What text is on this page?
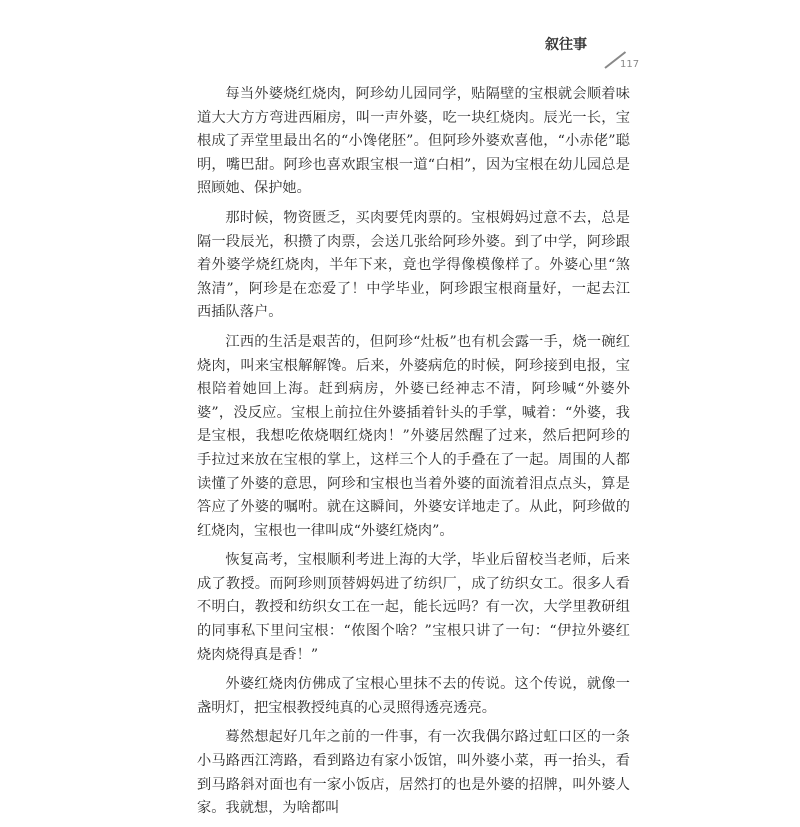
叙往事
117

每当外婆烧红烧肉，阿珍幼儿园同学，贴隔壁的宝根就会顺着味道大大方方弯进西厢房，叫一声外婆，吃一块红烧肉。辰光一长，宝根成了弄堂里最出名的“小馋佬胚”。但阿珍外婆欢喜他，“小赤佬”聪明，嘴巴甜。阿珍也喜欢跟宝根一道“白相”，因为宝根在幼儿园总是照顾她、保护她。

那时候，物资匮乏，买肉要凭肉票的。宝根姆妈过意不去，总是隔一段辰光，积攒了肉票，会送几张给阿珍外婆。到了中学，阿珍跟着外婆学烧红烧肉，半年下来，竟也学得像模像样了。外婆心里“煞煞清”，阿珍是在恋爱了！中学毕业，阿珍跟宝根商量好，一起去江西插队落户。

江西的生活是艰苦的，但阿珍“灶板”也有机会露一手，烧一碗红烧肉，叫来宝根解解馋。后来，外婆病危的时候，阿珍接到电报，宝根陪着她回上海。赶到病房，外婆已经神志不清，阿珍喊“外婆外婆”，没反应。宝根上前拉住外婆插着针头的手掌，喊着：“外婆，我是宝根，我想吃侬烧咽红烧肉！”外婆居然醒了过来，然后把阿珍的手拉过来放在宝根的掌上，这样三个人的手叠在了一起。周围的人都读懂了外婆的意思，阿珍和宝根也当着外婆的面流着泪点点头，算是答应了外婆的嘱咐。就在这瞬间，外婆安详地走了。从此，阿珍做的红烧肉，宝根也一律叫成“外婆红烧肉”。

恢复高考，宝根顺利考进上海的大学，毕业后留校当老师，后来成了教授。而阿珍则顶替姆妈进了纺织厂，成了纺织女工。很多人看不明白，教授和纺织女工在一起，能长远吗？有一次，大学里教研组的同事私下里问宝根：“侬图个啥？”宝根只讲了一句：“伊拉外婆红烧肉烧得真是香！”

外婆红烧肉仿佛成了宝根心里抹不去的传说。这个传说，就像一盏明灯，把宝根教授纯真的心灵照得透亮透亮。

蓦然想起好几年之前的一件事，有一次我偶尔路过虹口区的一条小马路西江湾路，看到路边有家小饭馆，叫外婆小菜，再一抬头，看到马路斜对面也有一家小饭店，居然打的也是外婆的招牌，叫外婆人家。我就想，为啥都叫
